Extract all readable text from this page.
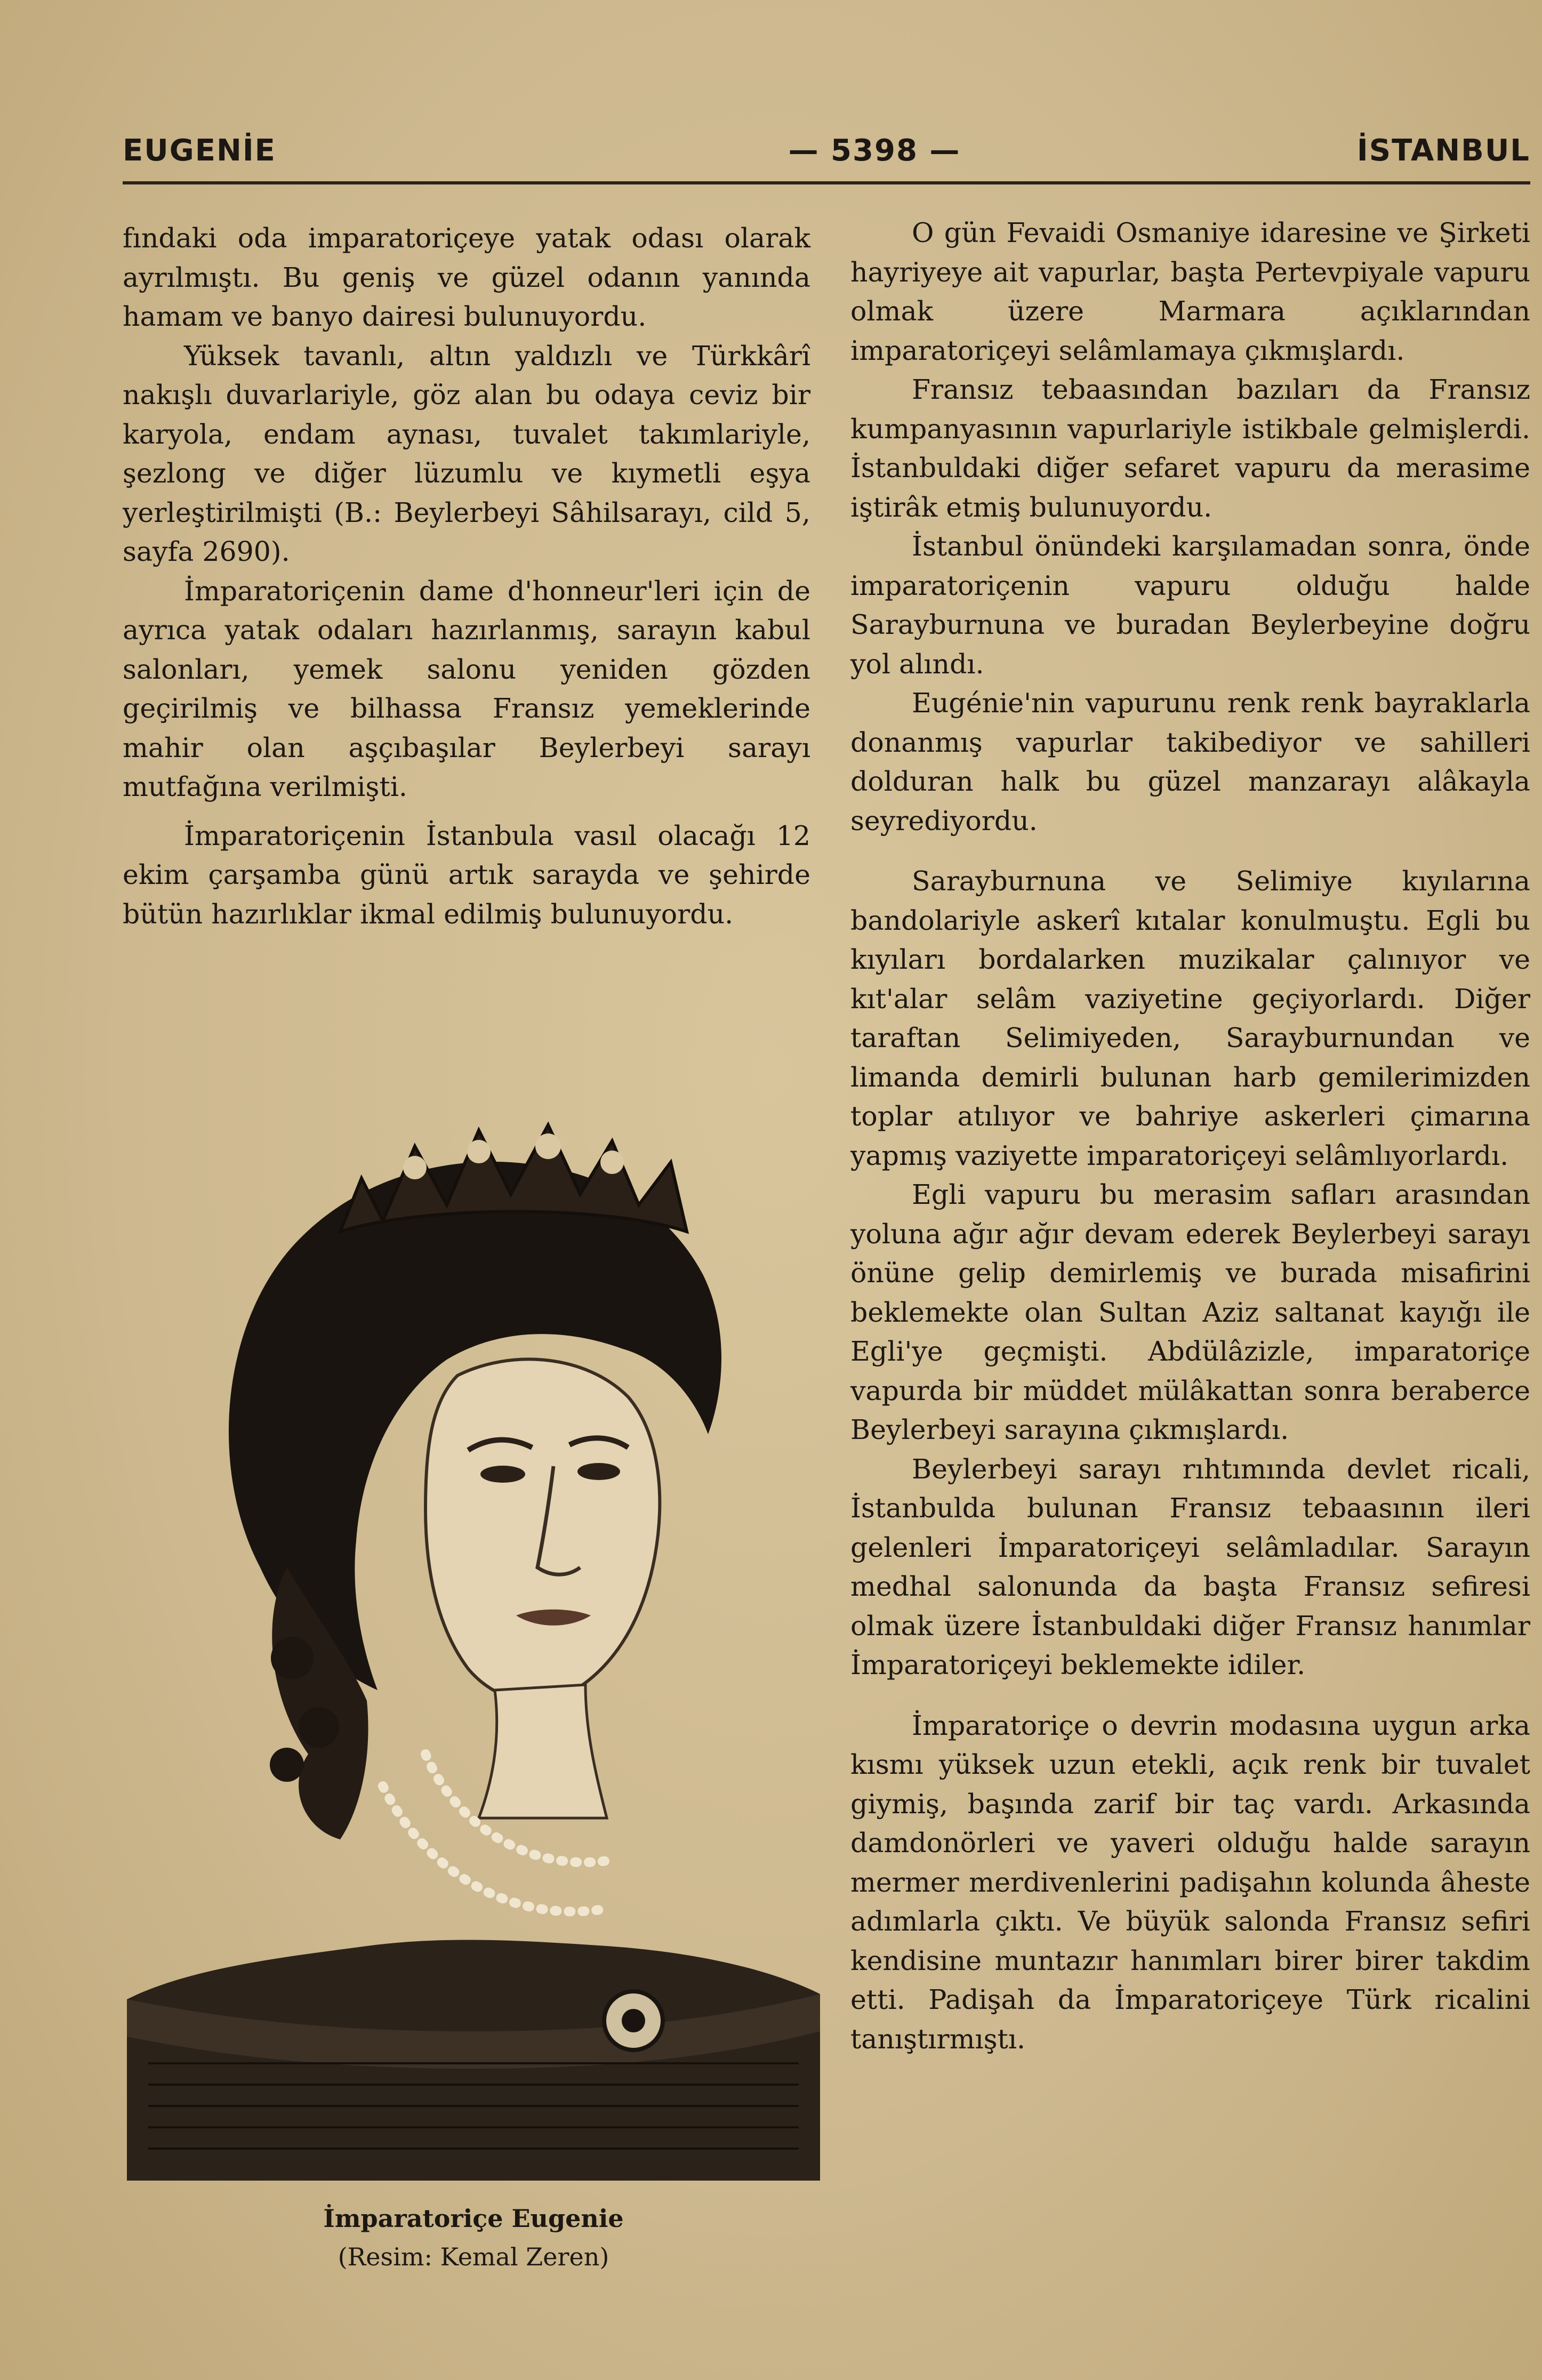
EUGENİE	— 5398 —	İSTANBUL

fındaki oda imparatoriçeye yatak odası olarak ayrılmıştı. Bu geniş ve güzel odanın yanında hamam ve banyo dairesi bulunuyordu.

Yüksek tavanlı, altın yaldızlı ve Türkkârî nakışlı duvarlariyle, göz alan bu odaya ceviz bir karyola, endam aynası, tuvalet takımlariyle, şezlong ve diğer lüzumlu ve kıymetli eşya yerleştirilmişti (B.: Beylerbeyi Sâhilsarayı, cild 5, sayfa 2690).

İmparatoriçenin dame d'honneur'leri için de ayrıca yatak odaları hazırlanmış, sarayın kabul salonları, yemek salonu yeniden gözden geçirilmiş ve bilhassa Fransız yemeklerinde mahir olan aşçıbaşılar Beylerbeyi sarayı mutfağına verilmişti.

İmparatoriçenin İstanbula vasıl olacağı 12 ekim çarşamba günü artık sarayda ve şehirde bütün hazırlıklar ikmal edilmiş bulunuyordu.

İmparatoriçe Eugenie
(Resim: Kemal Zeren)

O gün Fevaidi Osmaniye idaresine ve Şirketi hayriyeye ait vapurlar, başta Pertevpiyale vapuru olmak üzere Marmara açıklarından imparatoriçeyi selâmlamaya çıkmışlardı.

Fransız tebaasından bazıları da Fransız kumpanyasının vapurlariyle istikbale gelmişlerdi. İstanbuldaki diğer sefaret vapuru da merasime iştirâk etmiş bulunuyordu.

İstanbul önündeki karşılamadan sonra, önde imparatoriçenin vapuru olduğu halde Sarayburnuna ve buradan Beylerbeyine doğru yol alındı.

Eugénie'nin vapurunu renk renk bayraklarla donanmış vapurlar takibediyor ve sahilleri dolduran halk bu güzel manzarayı alâkayla seyrediyordu.

Sarayburnuna ve Selimiye kıyılarına bandolariyle askerî kıtalar konulmuştu. Egli bu kıyıları bordalarken muzikalar çalınıyor ve kıt'alar selâm vaziyetine geçiyorlardı. Diğer taraftan Selimiyeden, Sarayburnundan ve limanda demirli bulunan harb gemilerimizden toplar atılıyor ve bahriye askerleri çimarına yapmış vaziyette imparatoriçeyi selâmlıyorlardı.

Egli vapuru bu merasim safları arasından yoluna ağır ağır devam ederek Beylerbeyi sarayı önüne gelip demirlemiş ve burada misafirini beklemekte olan Sultan Aziz saltanat kayığı ile Egli'ye geçmişti. Abdülâzizle, imparatoriçe vapurda bir müddet mülâkattan sonra beraberce Beylerbeyi sarayına çıkmışlardı.

Beylerbeyi sarayı rıhtımında devlet ricali, İstanbulda bulunan Fransız tebaasının ileri gelenleri İmparatoriçeyi selâmladılar. Sarayın medhal salonunda da başta Fransız sefiresi olmak üzere İstanbuldaki diğer Fransız hanımlar İmparatoriçeyi beklemekte idiler.

İmparatoriçe o devrin modasına uygun arka kısmı yüksek uzun etekli, açık renk bir tuvalet giymiş, başında zarif bir taç vardı. Arkasında damdonörleri ve yaveri olduğu halde sarayın mermer merdivenlerini padişahın kolunda âheste adımlarla çıktı. Ve büyük salonda Fransız sefiri kendisine muntazır hanımları birer birer takdim etti. Padişah da İmparatoriçeye Türk ricalini tanıştırmıştı.
